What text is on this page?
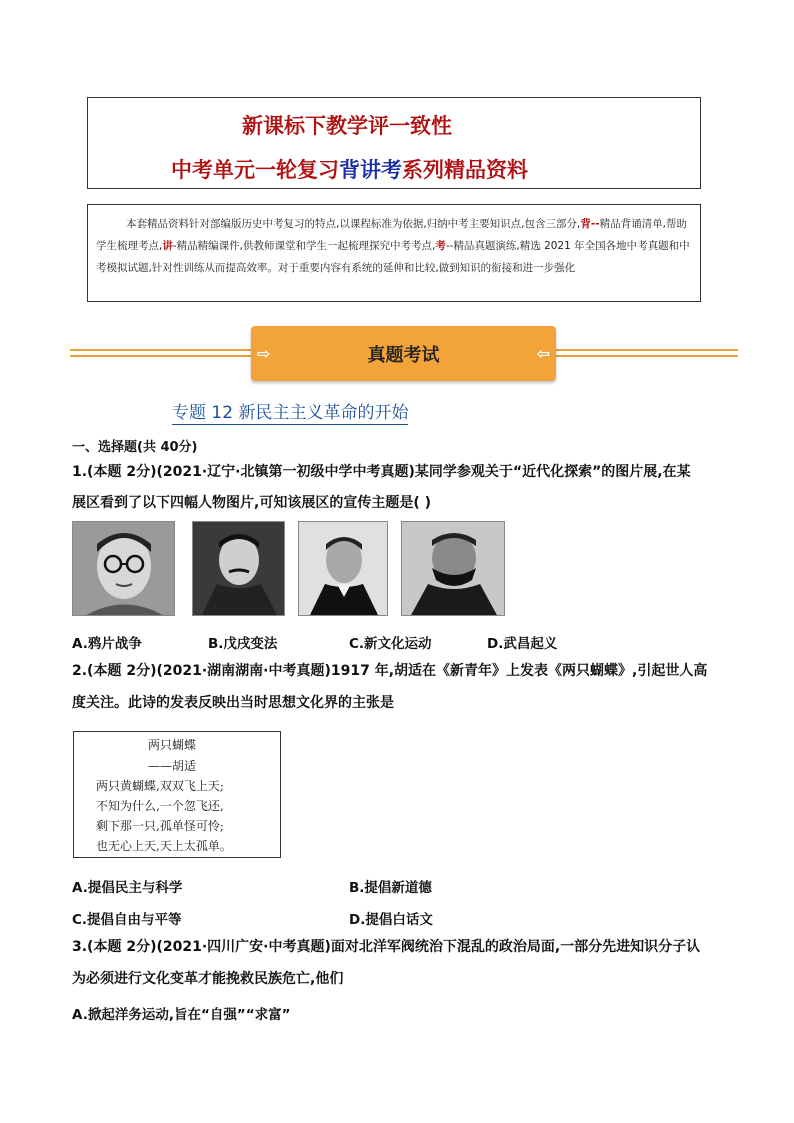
新课标下教学评一致性
中考单元一轮复习背讲考系列精品资料
本套精品资料针对部编版历史中考复习的特点,以课程标准为依据,归纳中考主要知识点,包含三部分,背--精品背诵清单,帮助学生梳理考点,讲-精品精编课件,供教师课堂和学生一起梳理探究中考考点,考--精品真题演练,精选 2021 年全国各地中考真题和中考模拟试题,针对性训练从而提高效率。对于重要内容有系统的延伸和比较,做到知识的衔接和进一步强化
⇨	真题考试	⇦
专题 12 新民主主义革命的开始
一、选择题(共 40分)
1.(本题 2分)(2021·辽宁·北镇第一初级中学中考真题)某同学参观关于“近代化探索”的图片展,在某
展区看到了以下四幅人物图片,可知该展区的宣传主题是( )
A.鸦片战争	B.戊戌变法	C.新文化运动	D.武昌起义
2.(本题 2分)(2021·湖南湖南·中考真题)1917 年,胡适在《新青年》上发表《两只蝴蝶》,引起世人高
度关注。此诗的发表反映出当时思想文化界的主张是
两只蝴蝶
——胡适
两只黄蝴蝶,双双飞上天;
不知为什么,一个忽飞还,
剩下那一只,孤单怪可怜;
也无心上天,天上太孤单。
A.提倡民主与科学	B.提倡新道德
C.提倡自由与平等	D.提倡白话文
3.(本题 2分)(2021·四川广安·中考真题)面对北洋军阀统治下混乱的政治局面,一部分先进知识分子认
为必须进行文化变革才能挽救民族危亡,他们
A.掀起洋务运动,旨在“自强”“求富”
